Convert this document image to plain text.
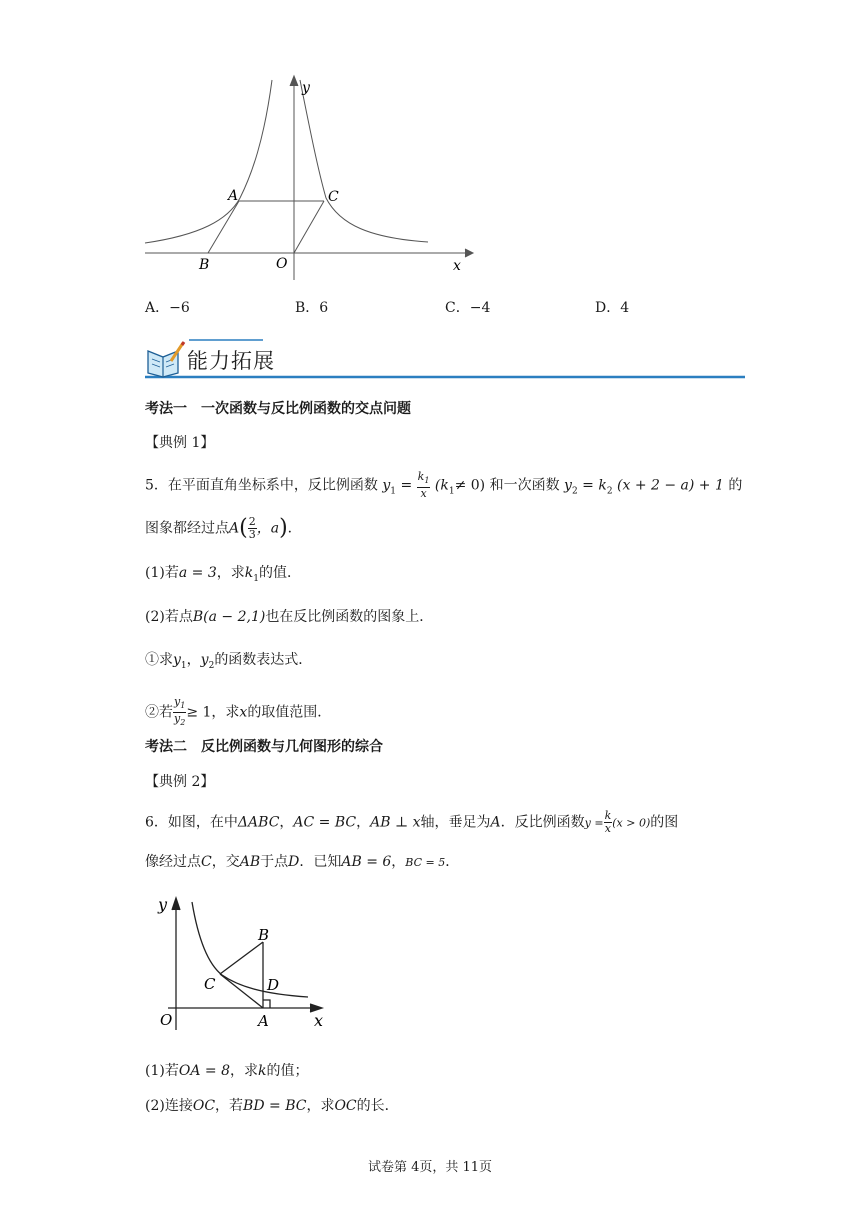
y
A	C
B	O	x
A．−6	B．6	C．−4	D．4
能力拓展
考法一　一次函数与反比例函数的交点问题
【典例 1】
5．在平面直角坐标系中，反比例函数 $y_1 = \frac{k_1}{x} (k_1\ne 0)$ 和一次函数 $y_2 = k_2$ (x + 2 − a) + 1 的
图象都经过点$A( \frac{2}{3}$ ，a)．
(1)若a = 3，求$k_1$的值．
(2)若点B(a − 2,1)也在反比例函数的图象上．
①求$y_1$，$y_2$的函数表达式．
②若 $\frac{y_1}{y_2} \ge 1$，求x的取值范围．
考法二　反比例函数与几何图形的综合
【典例 2】
6．如图，在中ΔABC，AC = BC，AB ⊥ x轴，垂足为A．反比例函数$y = \frac{k}{x} (x > 0)$的图
像经过点C，交AB于点D．已知AB = 6，BC = 5．
y
B
C	D
O	A	x
(1)若OA = 8，求k的值；
(2)连接OC，若BD = BC，求OC的长．
试卷第 4页，共 11页
